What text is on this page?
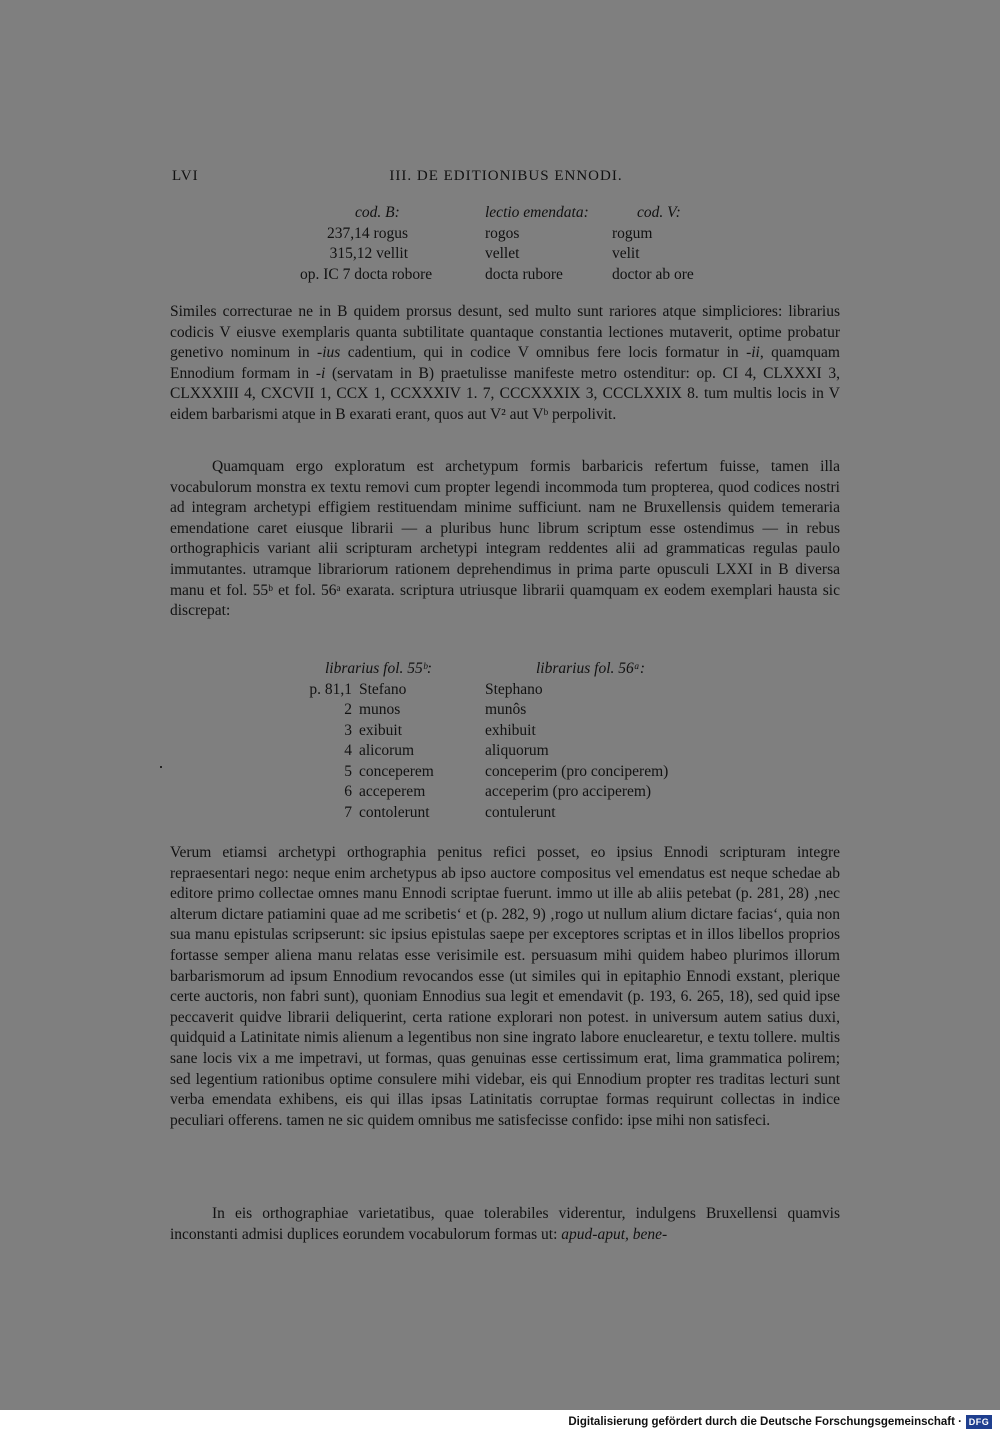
LVI	III. DE EDITIONIBUS ENNODI.
cod. B:	lectio emendata:	cod. V:
237,14 rogus	rogos	rogum
315,12 vellit	vellet	velit
op. IC 7 docta robore	docta rubore	doctor ab ore

Similes correcturae ne in B quidem prorsus desunt, sed multo sunt rariores atque simpliciores: librarius codicis V eiusve exemplaris quanta subtilitate quantaque constantia lectiones mutaverit, optime probatur genetivo nominum in -ius cadentium, qui in codice V omnibus fere locis formatur in -ii, quamquam Ennodium formam in -i (servatam in B) praetulisse manifeste metro ostenditur: op. CI 4, CLXXXI 3, CLXXXIII 4, CXCVII 1, CCX 1, CCXXXIV 1. 7, CCCXXXIX 3, CCCLXXIX 8. tum multis locis in V eidem barbarismi atque in B exarati erant, quos aut V² aut Vᵇ perpolivit.

Quamquam ergo exploratum est archetypum formis barbaricis refertum fuisse, tamen illa vocabulorum monstra ex textu removi cum propter legendi incommoda tum propterea, quod codices nostri ad integram archetypi effigiem restituendam minime sufficiunt. nam ne Bruxellensis quidem temeraria emendatione caret eiusque librarii — a pluribus hunc librum scriptum esse ostendimus — in rebus orthographicis variant alii scripturam archetypi integram reddentes alii ad grammaticas regulas paulo immutantes. utramque librariorum rationem deprehendimus in prima parte opusculi LXXI in B diversa manu et fol. 55ᵇ et fol. 56ᵃ exarata. scriptura utriusque librarii quamquam ex eodem exemplari hausta sic discrepat:

librarius fol. 55ᵇ:	librarius fol. 56ᵃ:
p. 81,1 Stefano	Stephano
2 munos	munôs
3 exibuit	exhibuit
4 alicorum	aliquorum
5 conceperem	conceperim (pro conciperem)
6 acceperem	acceperim (pro acciperem)
7 contolerunt	contulerunt

Verum etiamsi archetypi orthographia penitus refici posset, eo ipsius Ennodi scripturam integre repraesentari nego: neque enim archetypus ab ipso auctore compositus vel emendatus est neque schedae ab editore primo collectae omnes manu Ennodi scriptae fuerunt. immo ut ille ab aliis petebat (p. 281, 28) ‚nec alterum dictare patiamini quae ad me scribetis‘ et (p. 282, 9) ‚rogo ut nullum alium dictare facias‘, quia non sua manu epistulas scripserunt: sic ipsius epistulas saepe per exceptores scriptas et in illos libellos proprios fortasse semper aliena manu relatas esse verisimile est. persuasum mihi quidem habeo plurimos illorum barbarismorum ad ipsum Ennodium revocandos esse (ut similes qui in epitaphio Ennodi exstant, plerique certe auctoris, non fabri sunt), quoniam Ennodius sua legit et emendavit (p. 193, 6. 265, 18), sed quid ipse peccaverit quidve librarii deliquerint, certa ratione explorari non potest. in universum autem satius duxi, quidquid a Latinitate nimis alienum a legentibus non sine ingrato labore enuclearetur, e textu tollere. multis sane locis vix a me impetravi, ut formas, quas genuinas esse certissimum erat, lima grammatica polirem; sed legentium rationibus optime consulere mihi videbar, eis qui Ennodium propter res traditas lecturi sunt verba emendata exhibens, eis qui illas ipsas Latinitatis corruptae formas requirunt collectas in indice peculiari offerens. tamen ne sic quidem omnibus me satisfecisse confido: ipse mihi non satisfeci.

In eis orthographiae varietatibus, quae tolerabiles viderentur, indulgens Bruxellensi quamvis inconstanti admisi duplices eorundem vocabulorum formas ut: apud-aput, bene-

Digitalisierung gefördert durch die Deutsche Forschungsgemeinschaft · DFG
